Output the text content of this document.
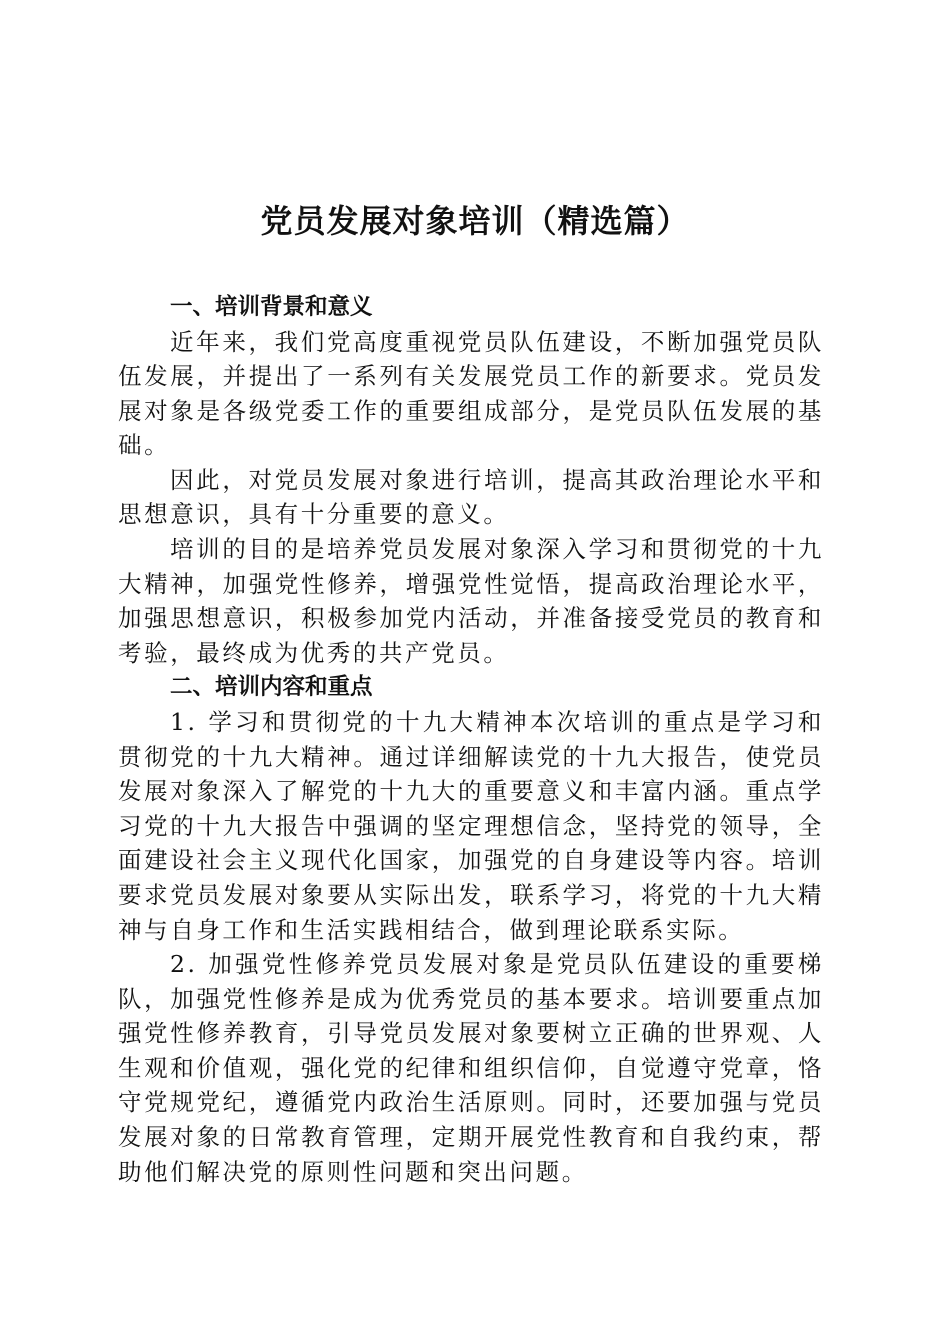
党员发展对象培训（精选篇）
一、培训背景和意义

近年来，我们党高度重视党员队伍建设，不断加强党员队伍发展，并提出了一系列有关发展党员工作的新要求。党员发展对象是各级党委工作的重要组成部分，是党员队伍发展的基础。

因此，对党员发展对象进行培训，提高其政治理论水平和思想意识，具有十分重要的意义。

培训的目的是培养党员发展对象深入学习和贯彻党的十九大精神，加强党性修养，增强党性觉悟，提高政治理论水平，加强思想意识，积极参加党内活动，并准备接受党员的教育和考验，最终成为优秀的共产党员。

二、培训内容和重点

1. 学习和贯彻党的十九大精神本次培训的重点是学习和贯彻党的十九大精神。通过详细解读党的十九大报告，使党员发展对象深入了解党的十九大的重要意义和丰富内涵。重点学习党的十九大报告中强调的坚定理想信念，坚持党的领导，全面建设社会主义现代化国家，加强党的自身建设等内容。培训要求党员发展对象要从实际出发，联系学习，将党的十九大精神与自身工作和生活实践相结合，做到理论联系实际。

2. 加强党性修养党员发展对象是党员队伍建设的重要梯队，加强党性修养是成为优秀党员的基本要求。培训要重点加强党性修养教育，引导党员发展对象要树立正确的世界观、人生观和价值观，强化党的纪律和组织信仰，自觉遵守党章，恪守党规党纪，遵循党内政治生活原则。同时，还要加强与党员发展对象的日常教育管理，定期开展党性教育和自我约束，帮助他们解决党的原则性问题和突出问题。
